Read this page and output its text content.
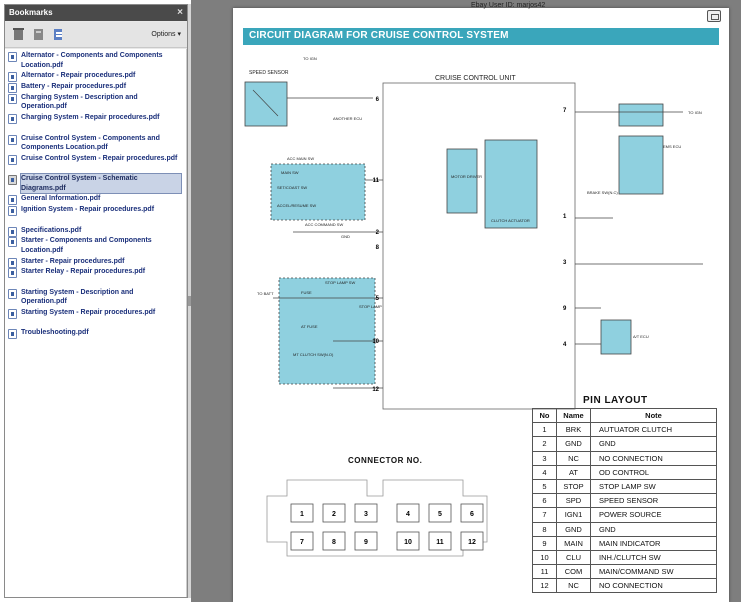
Bookmarks	×
Options ▾
Alternator - Components and Components Location.pdf
Alternator - Repair procedures.pdf
Battery - Repair procedures.pdf
Charging System - Description and Operation.pdf
Charging System - Repair procedures.pdf
Cruise Control System - Components and Components Location.pdf
Cruise Control System - Repair procedures.pdf
Cruise Control System - Schematic Diagrams.pdf
General Information.pdf
Ignition System - Repair procedures.pdf
Specifications.pdf
Starter - Components and Components Location.pdf
Starter - Repair procedures.pdf
Starter Relay - Repair procedures.pdf
Starting System - Description and Operation.pdf
Starting System - Repair procedures.pdf
Troubleshooting.pdf
Ebay User ID: marjos42
CIRCUIT DIAGRAM FOR CRUISE CONTROL SYSTEM
CRUISE CONTROL UNIT
SPEED SENSOR
TO IGN
ANOTHER ECU
ACC MAIN SW
MAIN SW
SET/COAST SW
ACCEL/RESUME SW
ACC COMMAND SW
GND
TO BATT	FUSE
STOP LAMP SW
STOP LAMP
AT FUSE
MT CLUTCH SW(N.O)
MOTOR DRIVER
CLUTCH ACTUATOR
BRAKE SW(N.C)
EMS ECU
TO IGN
A/T ECU
6
11
2
8
5
10
12
7
1
3
9
4
1	2	3	4	5	6
7	8	9	10	11	12
CONNECTOR NO.
PIN LAYOUT
No	Name	Note
1	BRK	AUTUATOR CLUTCH
2	GND	GND
3	NC	NO CONNECTION
4	AT	OD CONTROL
5	STOP	STOP LAMP SW
6	SPD	SPEED SENSOR
7	IGN1	POWER SOURCE
8	GND	GND
9	MAIN	MAIN INDICATOR
10	CLU	INH./CLUTCH SW
11	COM	MAIN/COMMAND SW
12	NC	NO CONNECTION
